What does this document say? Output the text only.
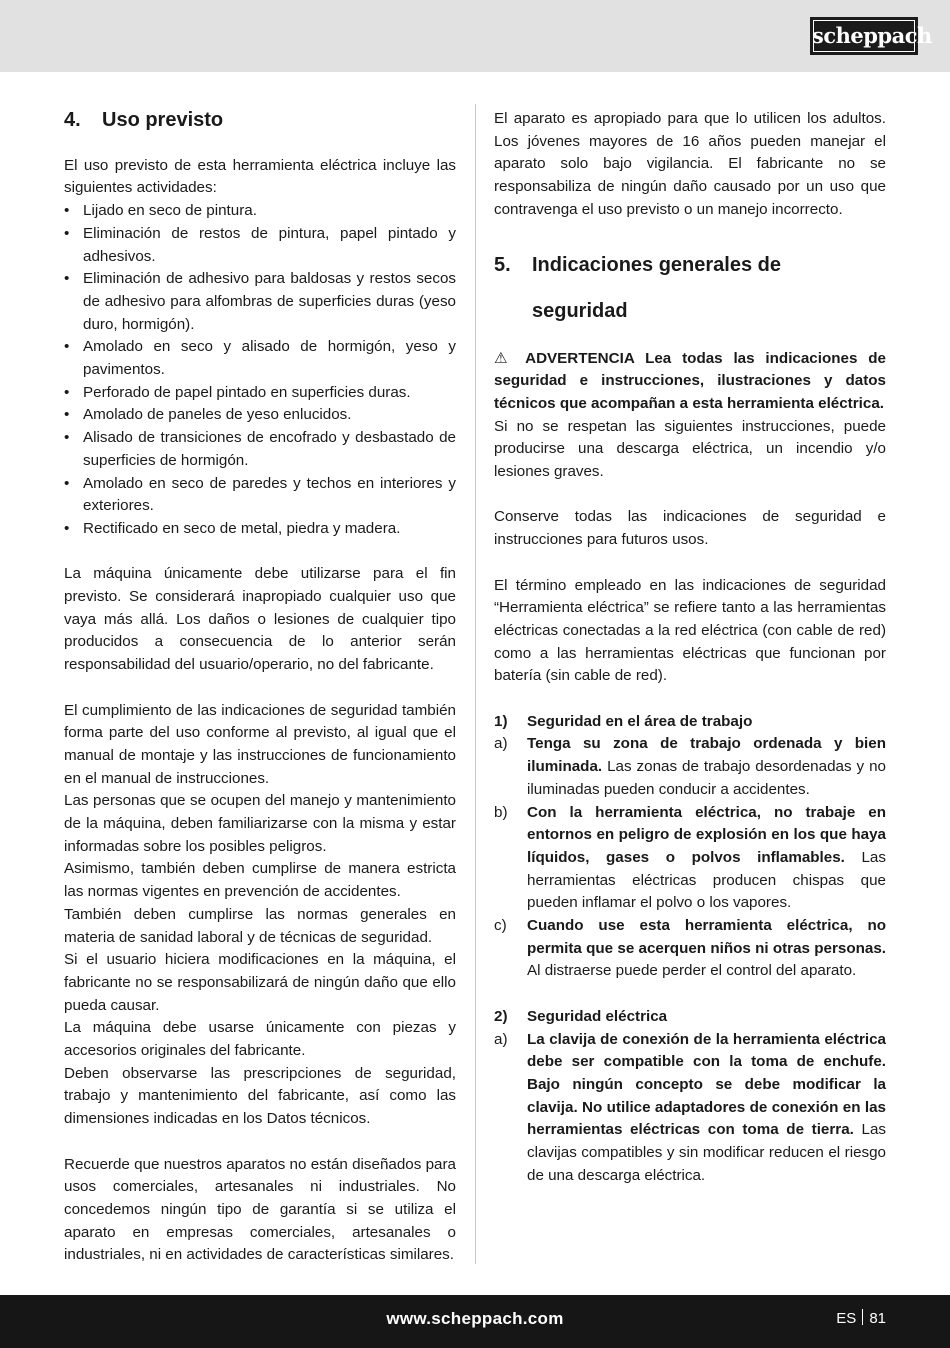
scheppach
4. Uso previsto

El uso previsto de esta herramienta eléctrica incluye las siguientes actividades:

• Lijado en seco de pintura.
• Eliminación de restos de pintura, papel pintado y adhesivos.
• Eliminación de adhesivo para baldosas y restos secos de adhesivo para alfombras de superficies duras (yeso duro, hormigón).
• Amolado en seco y alisado de hormigón, yeso y pavimentos.
• Perforado de papel pintado en superficies duras.
• Amolado de paneles de yeso enlucidos.
• Alisado de transiciones de encofrado y desbastado de superficies de hormigón.
• Amolado en seco de paredes y techos en interiores y exteriores.
• Rectificado en seco de metal, piedra y madera.

La máquina únicamente debe utilizarse para el fin previsto. Se considerará inapropiado cualquier uso que vaya más allá. Los daños o lesiones de cualquier tipo producidos a consecuencia de lo anterior serán responsabilidad del usuario/operario, no del fabricante.

El cumplimiento de las indicaciones de seguridad también forma parte del uso conforme al previsto, al igual que el manual de montaje y las instrucciones de funcionamiento en el manual de instrucciones.

Las personas que se ocupen del manejo y mantenimiento de la máquina, deben familiarizarse con la misma y estar informadas sobre los posibles peligros.

Asimismo, también deben cumplirse de manera estricta las normas vigentes en prevención de accidentes.

También deben cumplirse las normas generales en materia de sanidad laboral y de técnicas de seguridad.

Si el usuario hiciera modificaciones en la máquina, el fabricante no se responsabilizará de ningún daño que ello pueda causar.

La máquina debe usarse únicamente con piezas y accesorios originales del fabricante.

Deben observarse las prescripciones de seguridad, trabajo y mantenimiento del fabricante, así como las dimensiones indicadas en los Datos técnicos.

Recuerde que nuestros aparatos no están diseñados para usos comerciales, artesanales ni industriales. No concedemos ningún tipo de garantía si se utiliza el aparato en empresas comerciales, artesanales o industriales, ni en actividades de características similares.

El aparato es apropiado para que lo utilicen los adultos. Los jóvenes mayores de 16 años pueden manejar el aparato solo bajo vigilancia. El fabricante no se responsabiliza de ningún daño causado por un uso que contravenga el uso previsto o un manejo incorrecto.

5.	Indicaciones generales de
seguridad

⚠ ADVERTENCIA Lea todas las indicaciones de seguridad e instrucciones, ilustraciones y datos técnicos que acompañan a esta herramienta eléctrica.

Si no se respetan las siguientes instrucciones, puede producirse una descarga eléctrica, un incendio y/o lesiones graves.

Conserve todas las indicaciones de seguridad e instrucciones para futuros usos.

El término empleado en las indicaciones de seguridad “Herramienta eléctrica” se refiere tanto a las herramientas eléctricas conectadas a la red eléctrica (con cable de red) como a las herramientas eléctricas que funcionan por batería (sin cable de red).

1)	Seguridad en el área de trabajo
a)	Tenga su zona de trabajo ordenada y bien iluminada. Las zonas de trabajo desordenadas y no iluminadas pueden conducir a accidentes.
b)	Con la herramienta eléctrica, no trabaje en entornos en peligro de explosión en los que haya líquidos, gases o polvos inflamables. Las herramientas eléctricas producen chispas que pueden inflamar el polvo o los vapores.
c)	Cuando use esta herramienta eléctrica, no permita que se acerquen niños ni otras personas. Al distraerse puede perder el control del aparato.
2)	Seguridad eléctrica
a)	La clavija de conexión de la herramienta eléctrica debe ser compatible con la toma de enchufe. Bajo ningún concepto se debe modificar la clavija. No utilice adaptadores de conexión en las herramientas eléctricas con toma de tierra. Las clavijas compatibles y sin modificar reducen el riesgo de una descarga eléctrica.
www.scheppach.com	ES 81
